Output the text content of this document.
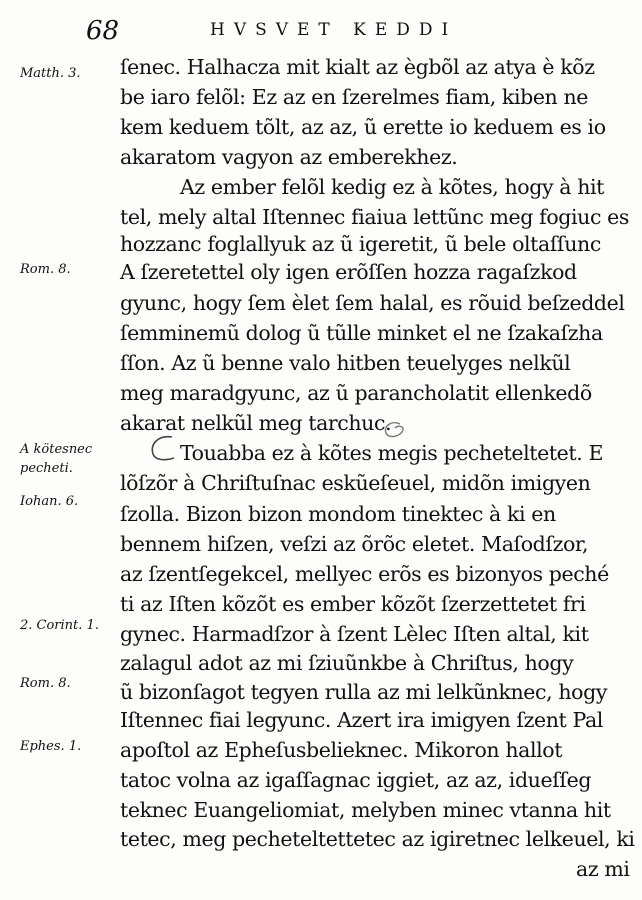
68	HVSVET KEDDI
Matth. 3.
Rom. 8.
A kötesnec
pecheti.
Iohan. 6.
2. Corint. 1.
Rom. 8.
Ephes. 1.
ſenec. Halhaczа mit kialt az ègbõl az atya è kõz
be iaro felõl: Ez az en ſzerelmes fiam, kiben ne
kem keduem tõlt, az az, ũ erette io keduem es io
akaratom vagyon az emberekhez.
Az ember felõl kedig ez à kõtes, hogy à hit
tel, mely altal Iſtennec fiaiua lettũnc meg fogiuc es
hozzanc foglallyuk az ũ igeretit, ũ bele oltaſſunc
A ſzeretettel oly igen erõſſen hozza ragaſzkod
gyunc, hogy ſem èlet ſem halal, es rõuid beſzeddel
ſemminemũ dolog ũ tũlle minket el ne ſzakaſzha
ſſon. Az ũ benne valo hitben teuelyges nelkũl
meg maradgyunc, az ũ parancholatit ellenkedõ
akarat nelkũl meg tarchuc.
Touabba ez à kõtes megis pecheteltetet. E
lõſzõr à Chriſtuſnac eskũeſeuel, midõn imigyen
ſzolla. Bizon bizon mondom tinektec à ki en
bennem hiſzen, veſzi az õrõc eletet. Maſodſzor,
az ſzentſegekcel, mellyec erõs es bizonyos peché
ti az Iſten kõzõt es ember kõzõt ſzerzettetet fri
gynec. Harmadſzor à ſzent Lèlec Iſten altal, kit
zalagul adot az mi ſziuũnkbe à Chriſtus, hogy
ũ bizonſagot tegyen rulla az mi lelkũnknec, hogy
Iſtennec fiai legyunc. Azert ira imigyen ſzent Pal
apoſtol az Epheſusbelieknec. Mikoron hallot
tatoc volna az igaſſagnac iggiet, az az, idueſſeg
teknec Euangeliomiat, melyben minec vtanna hit
tetec, meg pecheteltettetec az igiretnec lelkeuel, ki
az mi
